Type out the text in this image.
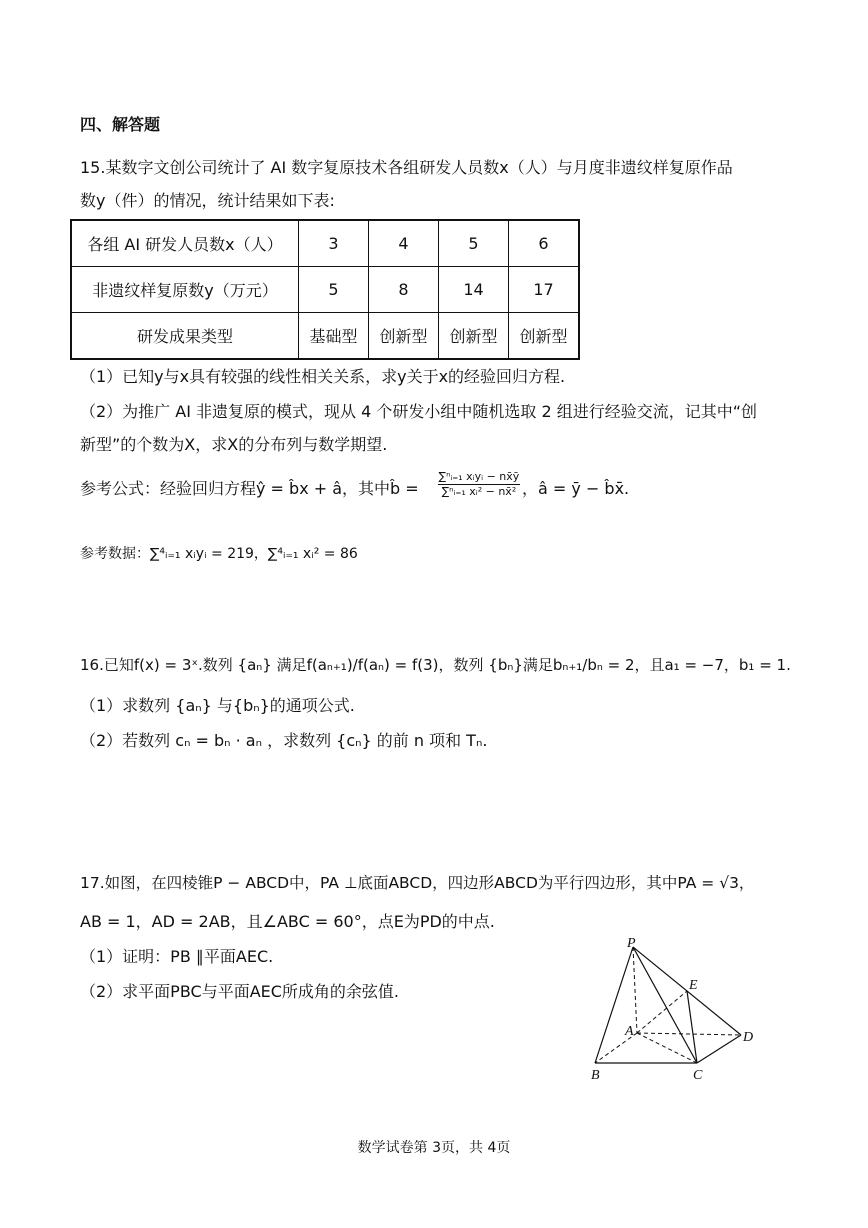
四、解答题
15.某数字文创公司统计了 AI 数字复原技术各组研发人员数x（人）与月度非遗纹样复原作品
数y（件）的情况，统计结果如下表:
各组 AI 研发人员数x（人）	3	4	5	6
非遗纹样复原数y（万元）	5	8	14	17
研发成果类型	基础型	创新型	创新型	创新型
（1）已知y与x具有较强的线性相关关系，求y关于x的经验回归方程.
（2）为推广 AI 非遗复原的模式，现从 4 个研发小组中随机选取 2 组进行经验交流，记其中“创
新型”的个数为X，求X的分布列与数学期望.
参考公式：经验回归方程ŷ = b̂x + â，其中b̂ =
∑ⁿᵢ₌₁ xᵢyᵢ − nx̄ȳ
∑ⁿᵢ₌₁ xᵢ² − nx̄² ，â = ȳ − b̂x̄.
参考数据：∑⁴ᵢ₌₁ xᵢyᵢ = 219，∑⁴ᵢ₌₁ xᵢ² = 86
16.已知f(x) = 3ˣ.数列 {aₙ} 满足f(aₙ₊₁)/f(aₙ) = f(3)，数列 {bₙ}满足bₙ₊₁/bₙ = 2，且a₁ = −7，b₁ = 1.
（1）求数列 {aₙ} 与{bₙ}的通项公式.
（2）若数列 cₙ = bₙ · aₙ ，求数列 {cₙ} 的前 n 项和 Tₙ.
17.如图，在四棱锥P − ABCD中，PA ⊥底面ABCD，四边形ABCD为平行四边形，其中PA = √3，
AB = 1，AD = 2AB，且∠ABC = 60°，点E为PD的中点.
（1）证明：PB ∥平面AEC.
（2）求平面PBC与平面AEC所成角的余弦值.
P
E
A	D
B	C
数学试卷第 3页，共 4页
